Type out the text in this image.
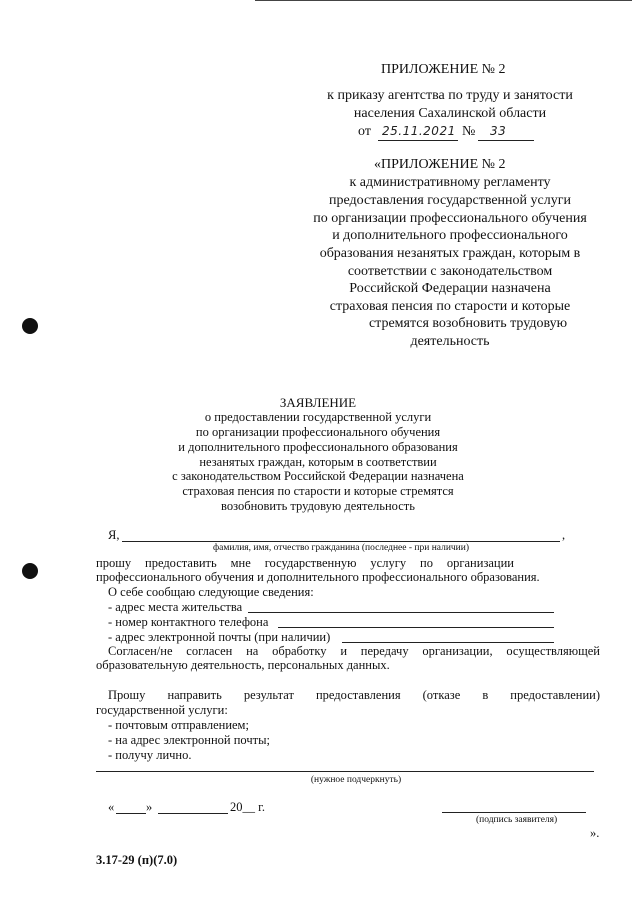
ПРИЛОЖЕНИЕ № 2
к приказу агентства по труду и занятости
населения Сахалинской области
от 25.11.2021 № 33
«ПРИЛОЖЕНИЕ № 2
к административному регламенту
предоставления государственной услуги
по организации профессионального обучения
и дополнительного профессионального
образования незанятых граждан, которым в
соответствии с законодательством
Российской Федерации назначена
страховая пенсия по старости и которые
стремятся возобновить трудовую
деятельность
ЗАЯВЛЕНИЕ
о предоставлении государственной услуги
по организации профессионального обучения
и дополнительного профессионального образования
незанятых граждан, которым в соответствии
с законодательством Российской Федерации назначена
страховая пенсия по старости и которые стремятся
возобновить трудовую деятельность
Я,	,
фамилия, имя, отчество гражданина (последнее - при наличии)
прошу предоставить мне государственную услугу по организации
профессионального обучения и дополнительного профессионального образования.
О себе сообщаю следующие сведения:
- адрес места жительства
- номер контактного телефона
- адрес электронной почты (при наличии)
Согласен/не согласен на обработку и передачу организации, осуществляющей
образовательную деятельность, персональных данных.
Прошу направить результат предоставления (отказе в предоставлении)
государственной услуги:
- почтовым отправлением;
- на адрес электронной почты;
- получу лично.
(нужное подчеркнуть)
«	»	20__ г.
(подпись заявителя)
».
3.17-29 (п)(7.0)
